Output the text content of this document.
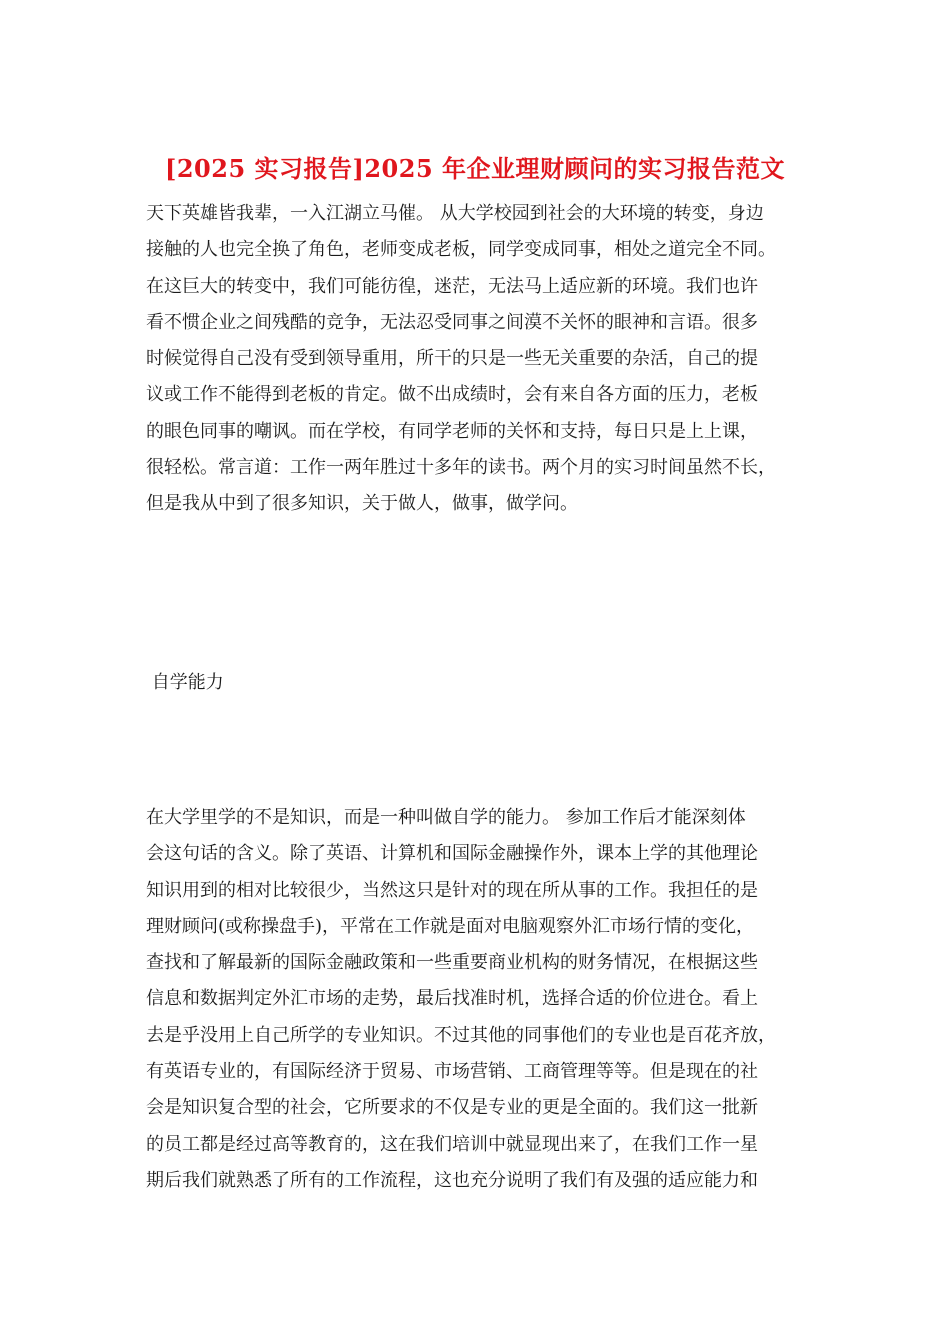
[2025 实习报告]2025 年企业理财顾问的实习报告范文
天下英雄皆我辈，一入江湖立马催。 从大学校园到社会的大环境的转变，身边
接触的人也完全换了角色，老师变成老板，同学变成同事，相处之道完全不同。
在这巨大的转变中，我们可能彷徨，迷茫，无法马上适应新的环境。我们也许
看不惯企业之间残酷的竞争，无法忍受同事之间漠不关怀的眼神和言语。很多
时候觉得自己没有受到领导重用，所干的只是一些无关重要的杂活，自己的提
议或工作不能得到老板的肯定。做不出成绩时，会有来自各方面的压力，老板
的眼色同事的嘲讽。而在学校，有同学老师的关怀和支持，每日只是上上课，
很轻松。常言道：工作一两年胜过十多年的读书。两个月的实习时间虽然不长，
但是我从中到了很多知识，关于做人，做事，做学问。
自学能力
在大学里学的不是知识，而是一种叫做自学的能力。 参加工作后才能深刻体
会这句话的含义。除了英语、计算机和国际金融操作外，课本上学的其他理论
知识用到的相对比较很少，当然这只是针对的现在所从事的工作。我担任的是
理财顾问(或称操盘手)，平常在工作就是面对电脑观察外汇市场行情的变化，
查找和了解最新的国际金融政策和一些重要商业机构的财务情况，在根据这些
信息和数据判定外汇市场的走势，最后找准时机，选择合适的价位进仓。看上
去是乎没用上自己所学的专业知识。不过其他的同事他们的专业也是百花齐放，
有英语专业的，有国际经济于贸易、市场营销、工商管理等等。但是现在的社
会是知识复合型的社会，它所要求的不仅是专业的更是全面的。我们这一批新
的员工都是经过高等教育的，这在我们培训中就显现出来了，在我们工作一星
期后我们就熟悉了所有的工作流程，这也充分说明了我们有及强的适应能力和
